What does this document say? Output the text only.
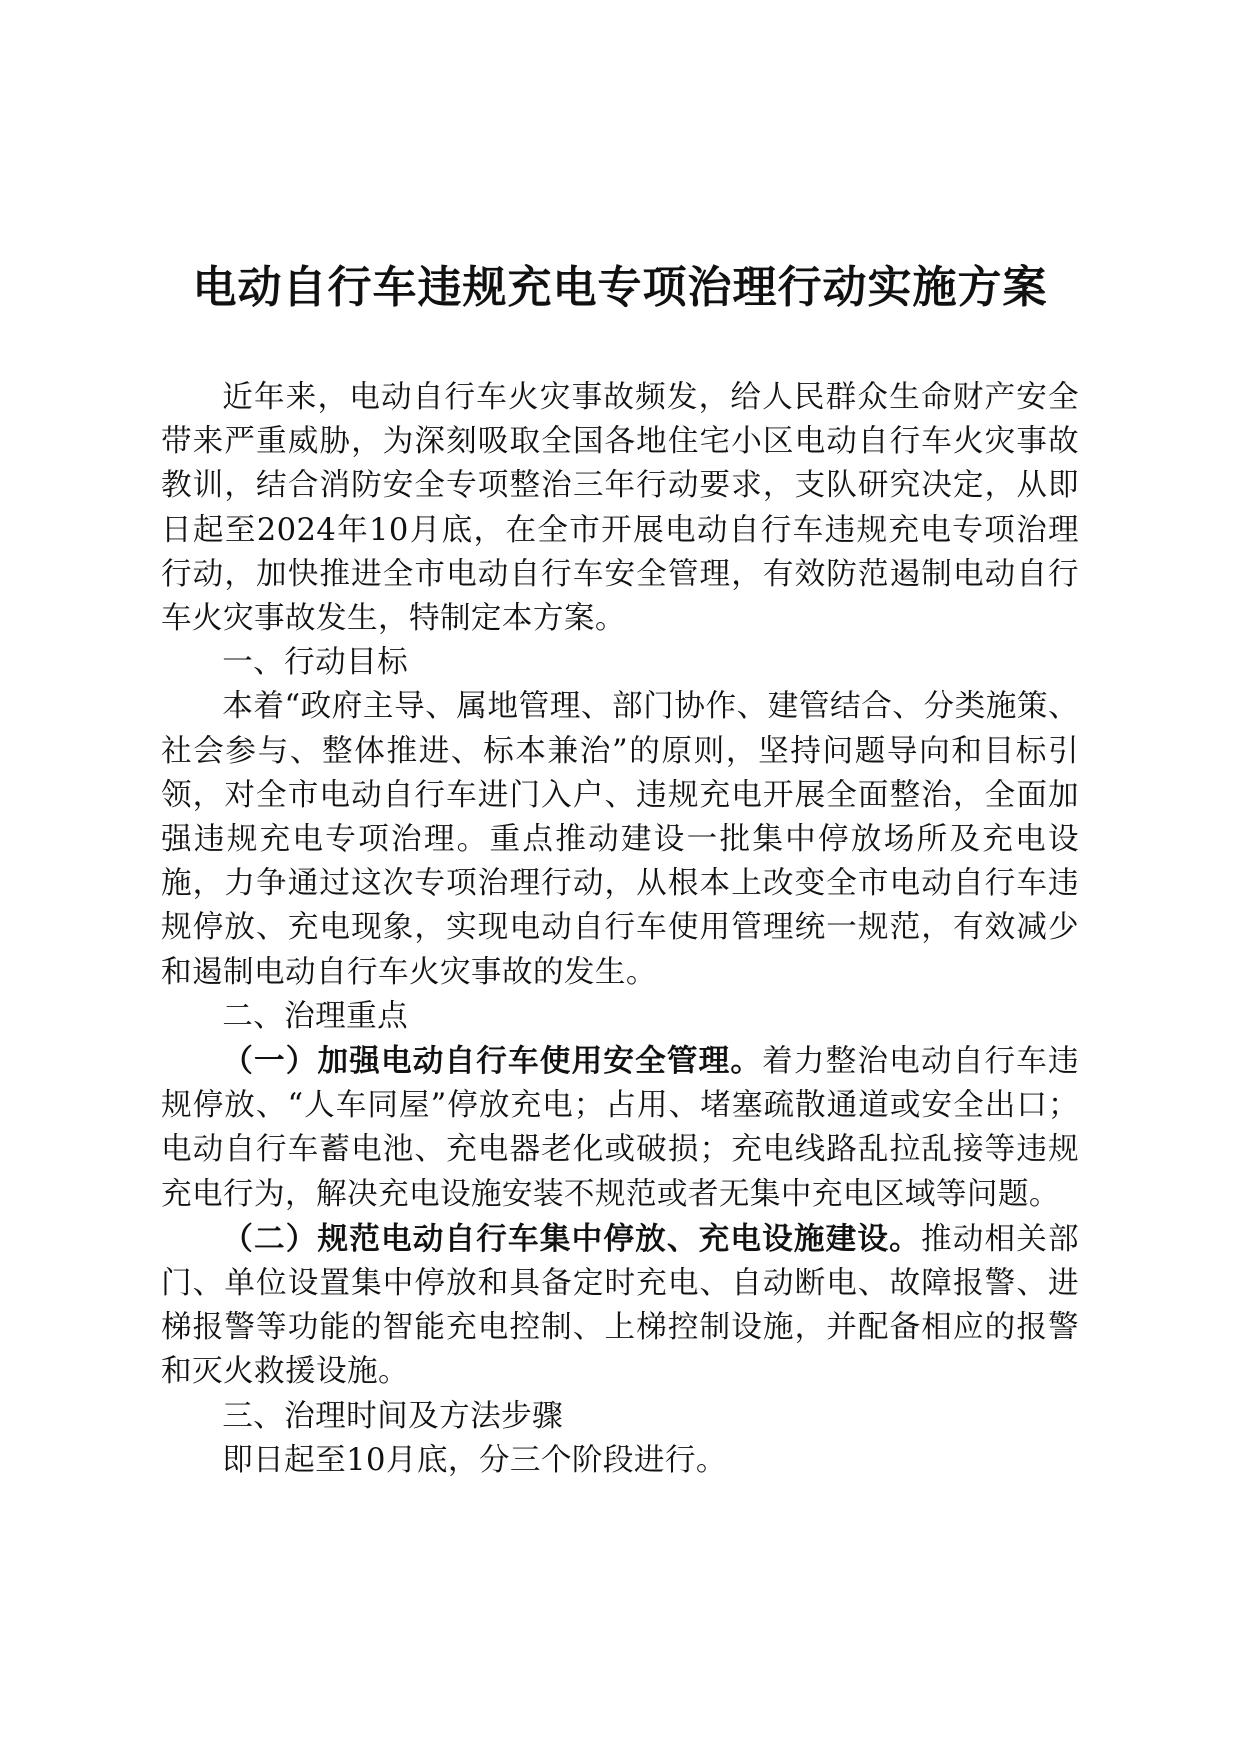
电动自行车违规充电专项治理行动实施方案

近年来，电动自行车火灾事故频发，给人民群众生命财产安全带来严重威胁，为深刻吸取全国各地住宅小区电动自行车火灾事故教训，结合消防安全专项整治三年行动要求，支队研究决定，从即日起至2024年10月底，在全市开展电动自行车违规充电专项治理行动，加快推进全市电动自行车安全管理，有效防范遏制电动自行车火灾事故发生，特制定本方案。

一、行动目标

本着“政府主导、属地管理、部门协作、建管结合、分类施策、社会参与、整体推进、标本兼治”的原则，坚持问题导向和目标引领，对全市电动自行车进门入户、违规充电开展全面整治，全面加强违规充电专项治理。重点推动建设一批集中停放场所及充电设施，力争通过这次专项治理行动，从根本上改变全市电动自行车违规停放、充电现象，实现电动自行车使用管理统一规范，有效减少和遏制电动自行车火灾事故的发生。

二、治理重点

（一）加强电动自行车使用安全管理。着力整治电动自行车违规停放、“人车同屋”停放充电；占用、堵塞疏散通道或安全出口；电动自行车蓄电池、充电器老化或破损；充电线路乱拉乱接等违规充电行为，解决充电设施安装不规范或者无集中充电区域等问题。

（二）规范电动自行车集中停放、充电设施建设。推动相关部门、单位设置集中停放和具备定时充电、自动断电、故障报警、进梯报警等功能的智能充电控制、上梯控制设施，并配备相应的报警和灭火救援设施。

三、治理时间及方法步骤

即日起至10月底，分三个阶段进行。
